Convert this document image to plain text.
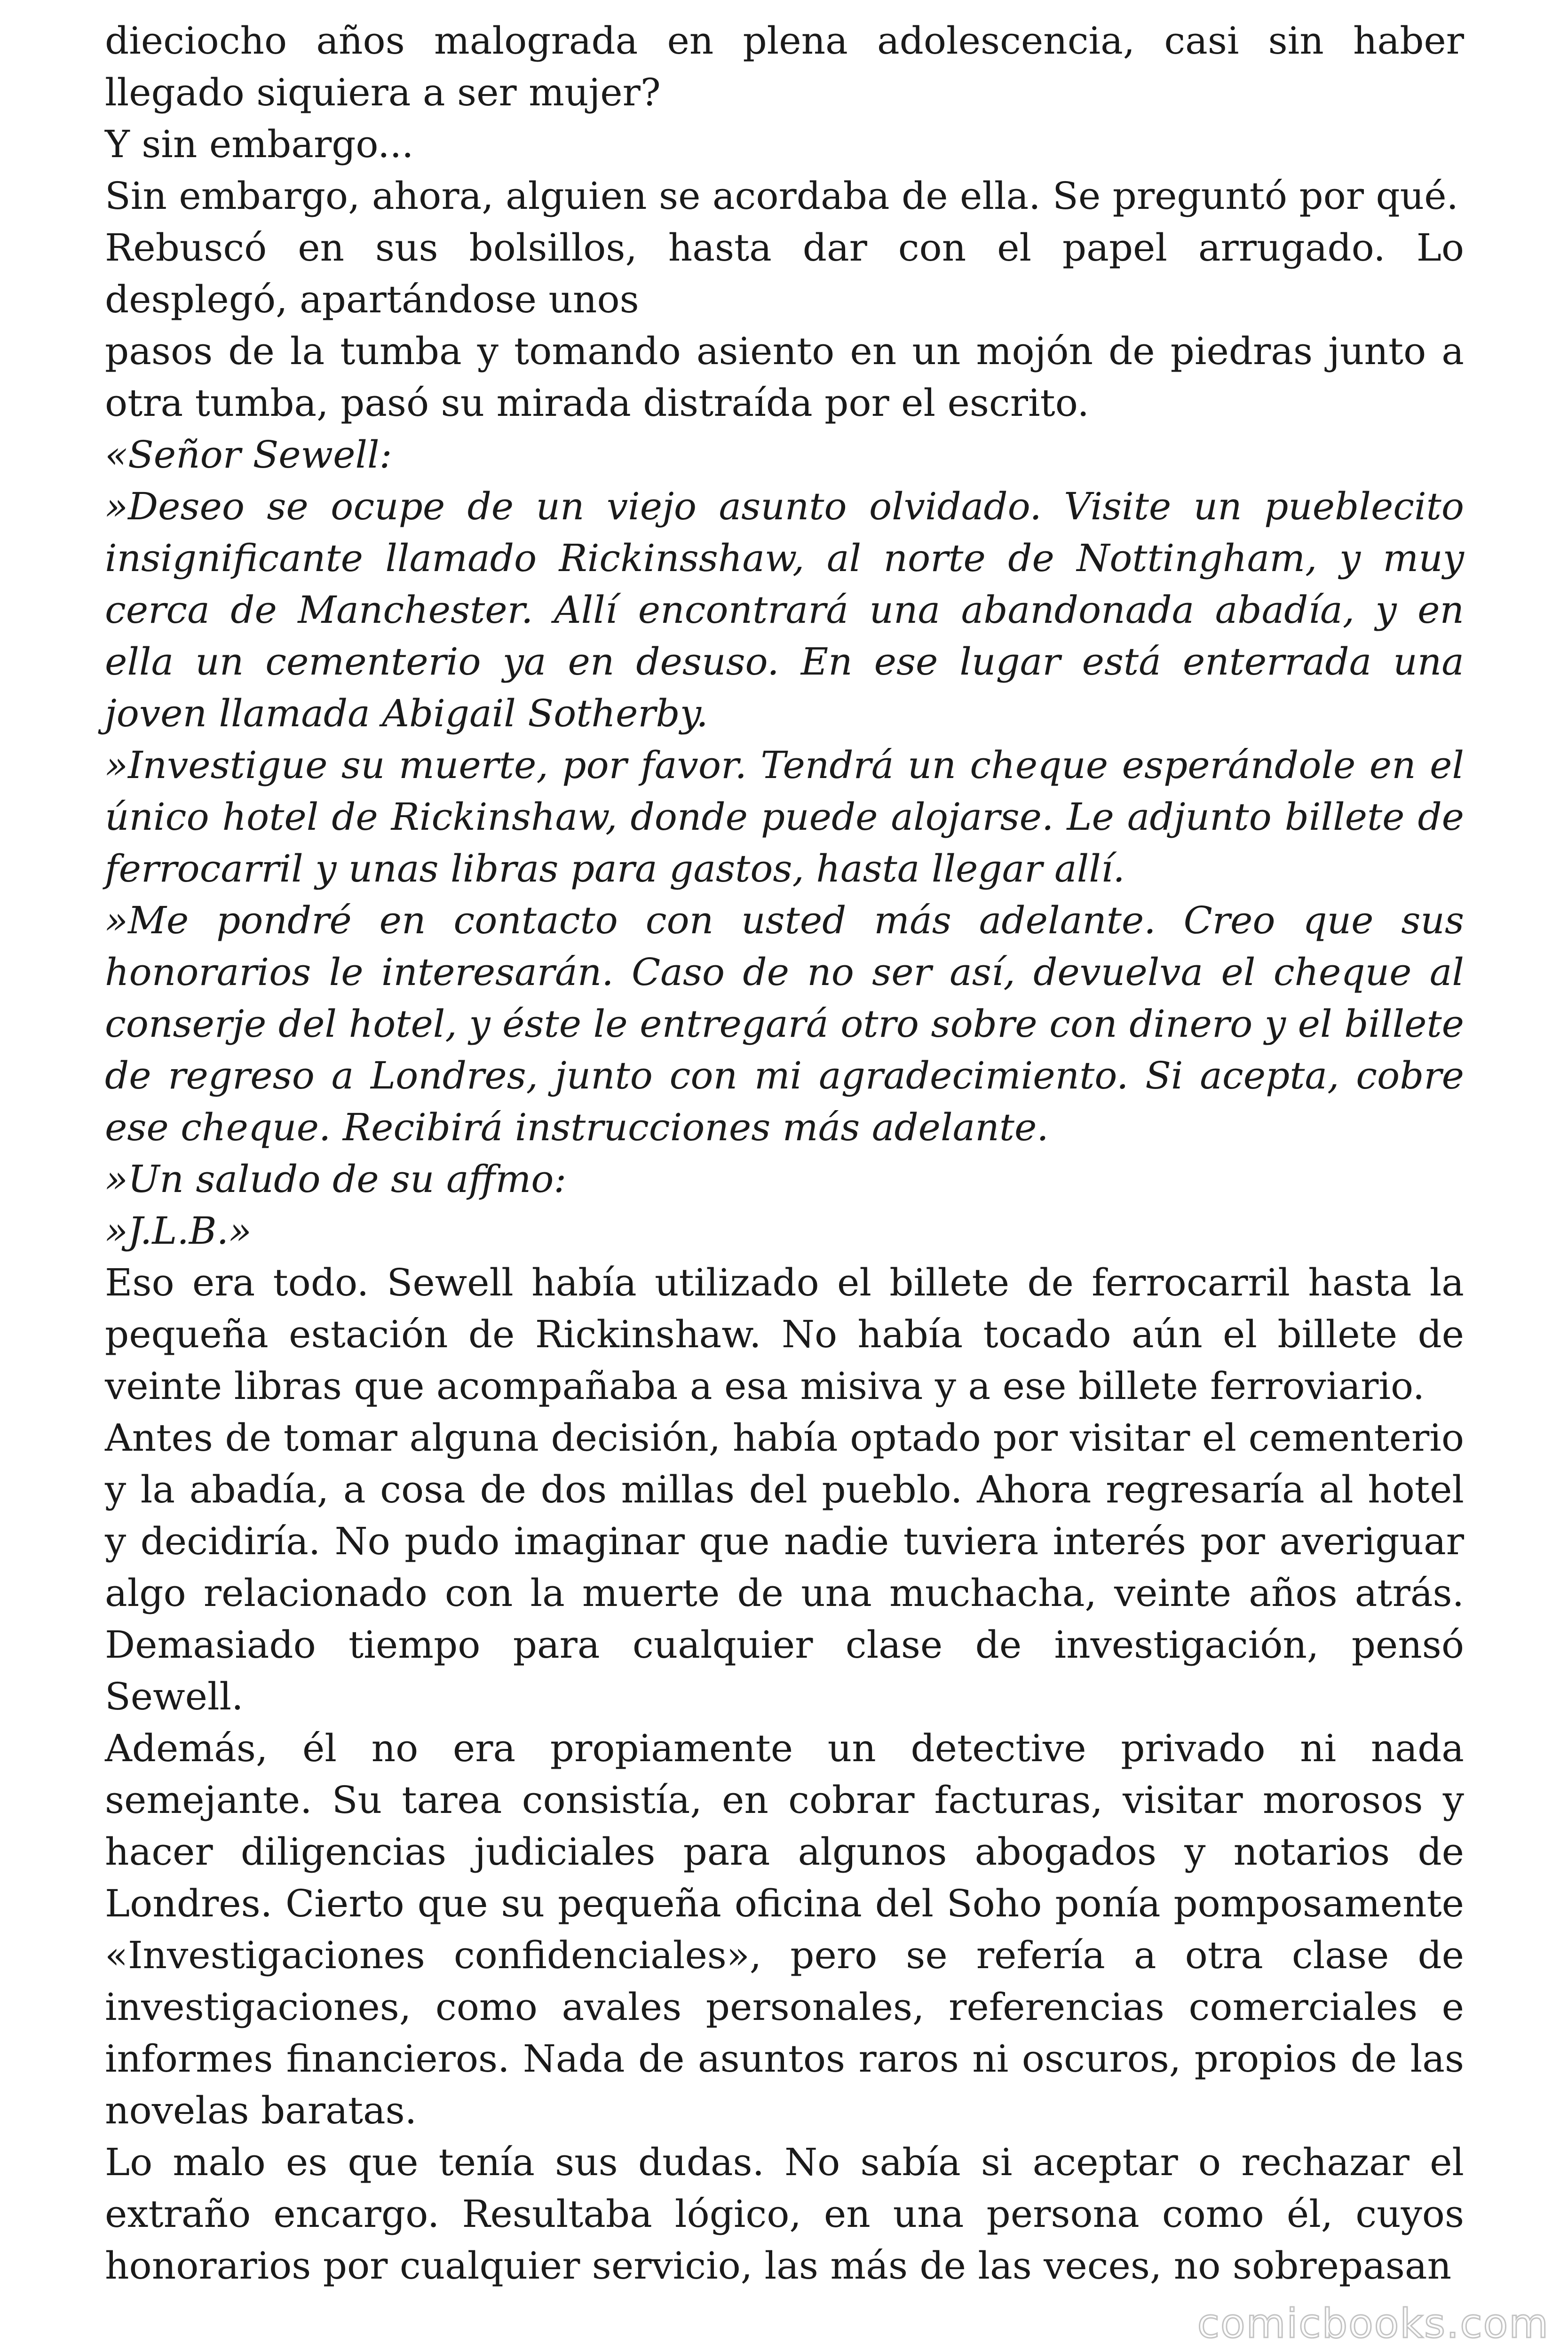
dieciocho años malograda en plena adolescencia, casi sin haber llegado siquiera a ser mujer?

Y sin embargo...

Sin embargo, ahora, alguien se acordaba de ella. Se preguntó por qué.

Rebuscó en sus bolsillos, hasta dar con el papel arrugado. Lo desplegó, apartándose unos

pasos de la tumba y tomando asiento en un mojón de piedras junto a otra tumba, pasó su mirada distraída por el escrito.

«Señor Sewell:

»Deseo se ocupe de un viejo asunto olvidado. Visite un pueblecito insignificante llamado Rickinsshaw, al norte de Nottingham, y muy cerca de Manchester. Allí encontrará una abandonada abadía, y en ella un cementerio ya en desuso. En ese lugar está enterrada una joven llamada Abigail Sotherby.

»Investigue su muerte, por favor. Tendrá un cheque esperándole en el único hotel de Rickinshaw, donde puede alojarse. Le adjunto billete de ferrocarril y unas libras para gastos, hasta llegar allí.

»Me pondré en contacto con usted más adelante. Creo que sus honorarios le interesarán. Caso de no ser así, devuelva el cheque al conserje del hotel, y éste le entregará otro sobre con dinero y el billete de regreso a Londres, junto con mi agradecimiento. Si acepta, cobre ese cheque. Recibirá instrucciones más adelante.

»Un saludo de su affmo:

»J.L.B.»

Eso era todo. Sewell había utilizado el billete de ferrocarril hasta la pequeña estación de Rickinshaw. No había tocado aún el billete de veinte libras que acompañaba a esa misiva y a ese billete ferroviario.

Antes de tomar alguna decisión, había optado por visitar el cementerio y la abadía, a cosa de dos millas del pueblo. Ahora regresaría al hotel y decidiría. No pudo imaginar que nadie tuviera interés por averiguar algo relacionado con la muerte de una muchacha, veinte años atrás. Demasiado tiempo para cualquier clase de investigación, pensó Sewell.

Además, él no era propiamente un detective privado ni nada semejante. Su tarea consistía, en cobrar facturas, visitar morosos y hacer diligencias judiciales para algunos abogados y notarios de Londres. Cierto que su pequeña oficina del Soho ponía pomposamente «Investigaciones confidenciales», pero se refería a otra clase de investigaciones, como avales personales, referencias comerciales e informes financieros. Nada de asuntos raros ni oscuros, propios de las novelas baratas.

Lo malo es que tenía sus dudas. No sabía si aceptar o rechazar el extraño encargo. Resultaba lógico, en una persona como él, cuyos honorarios por cualquier servicio, las más de las veces, no sobrepasan

comicbooks.com
